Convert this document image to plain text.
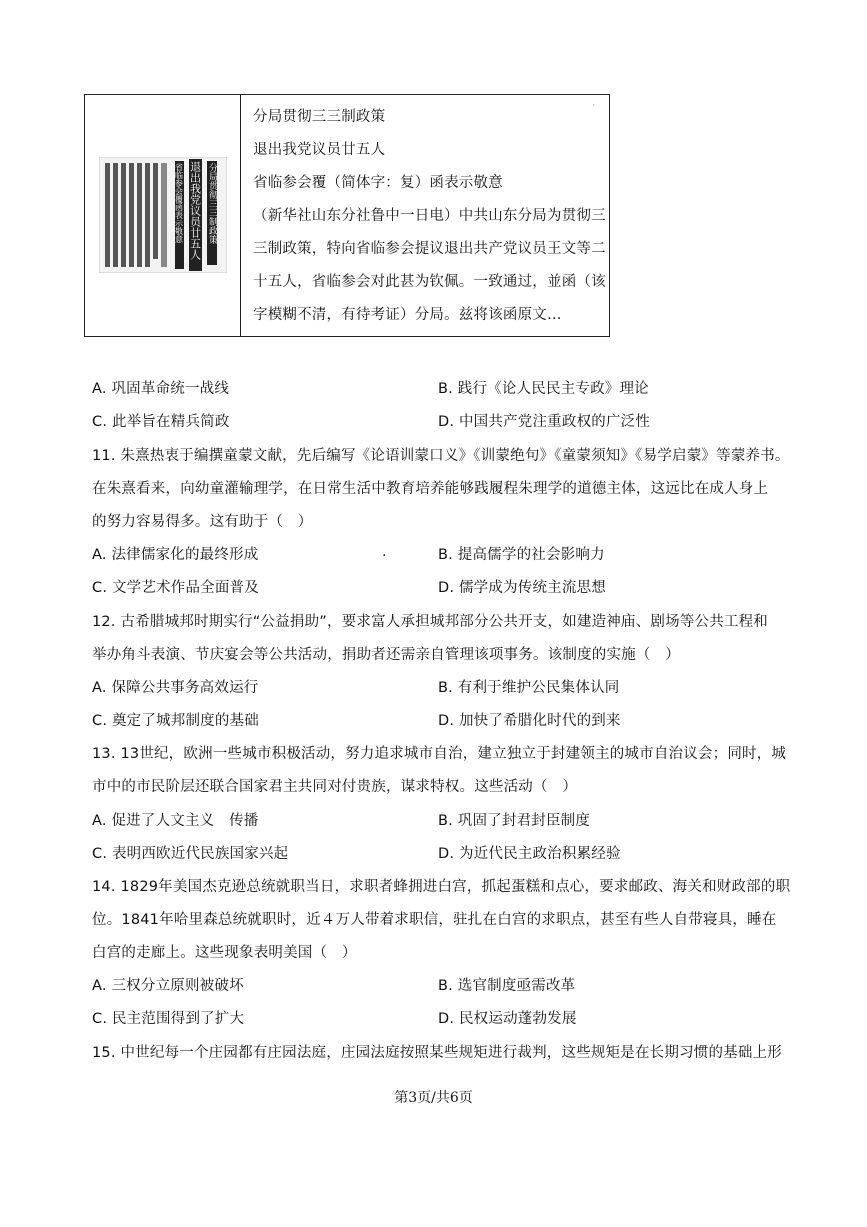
省临参会覆函表示敬意 退出我党议员廿五人 分局贯彻三三制政策
·
分局贯彻三三制政策
退出我党议员廿五人
省临参会覆（简体字：复）函表示敬意
（新华社山东分社鲁中一日电）中共山东分局为贯彻三
三制政策，特向省临参会提议退出共产党议员王文等二
十五人，省临参会对此甚为钦佩。一致通过，並函（该
字模糊不清，有待考证）分局。兹将该函原文…
A. 巩固革命统一战线	B. 践行《论人民民主专政》理论
C. 此举旨在精兵简政	D. 中国共产党注重政权的广泛性
11. 朱熹热衷于编撰童蒙文献，先后编写《论语训蒙口义》《训蒙绝句》《童蒙须知》《易学启蒙》等蒙养书。
在朱熹看来，向幼童灌输理学，在日常生活中教育培养能够践履程朱理学的道德主体，这远比在成人身上
的努力容易得多。这有助于（　）
A. 法律儒家化的最终形成	.	B. 提高儒学的社会影响力
C. 文学艺术作品全面普及	D. 儒学成为传统主流思想
12. 古希腊城邦时期实行“公益捐助”，要求富人承担城邦部分公共开支，如建造神庙、剧场等公共工程和
举办角斗表演、节庆宴会等公共活动，捐助者还需亲自管理该项事务。该制度的实施（　）
A. 保障公共事务高效运行	B. 有利于维护公民集体认同
C. 奠定了城邦制度的基础	D. 加快了希腊化时代的到来
13. 13世纪，欧洲一些城市积极活动，努力追求城市自治，建立独立于封建领主的城市自治议会；同时，城
市中的市民阶层还联合国家君主共同对付贵族，谋求特权。这些活动（　）
A. 促进了人文主义　传播	B. 巩固了封君封臣制度
C. 表明西欧近代民族国家兴起	D. 为近代民主政治积累经验
14. 1829年美国杰克逊总统就职当日，求职者蜂拥进白宫，抓起蛋糕和点心，要求邮政、海关和财政部的职
位。1841年哈里森总统就职时，近４万人带着求职信，驻扎在白宫的求职点，甚至有些人自带寝具，睡在
白宫的走廊上。这些现象表明美国（　）
A. 三权分立原则被破坏	B. 选官制度亟需改革
C. 民主范围得到了扩大	D. 民权运动蓬勃发展
15. 中世纪每一个庄园都有庄园法庭，庄园法庭按照某些规矩进行裁判，这些规矩是在长期习惯的基础上形
第3页/共6页
